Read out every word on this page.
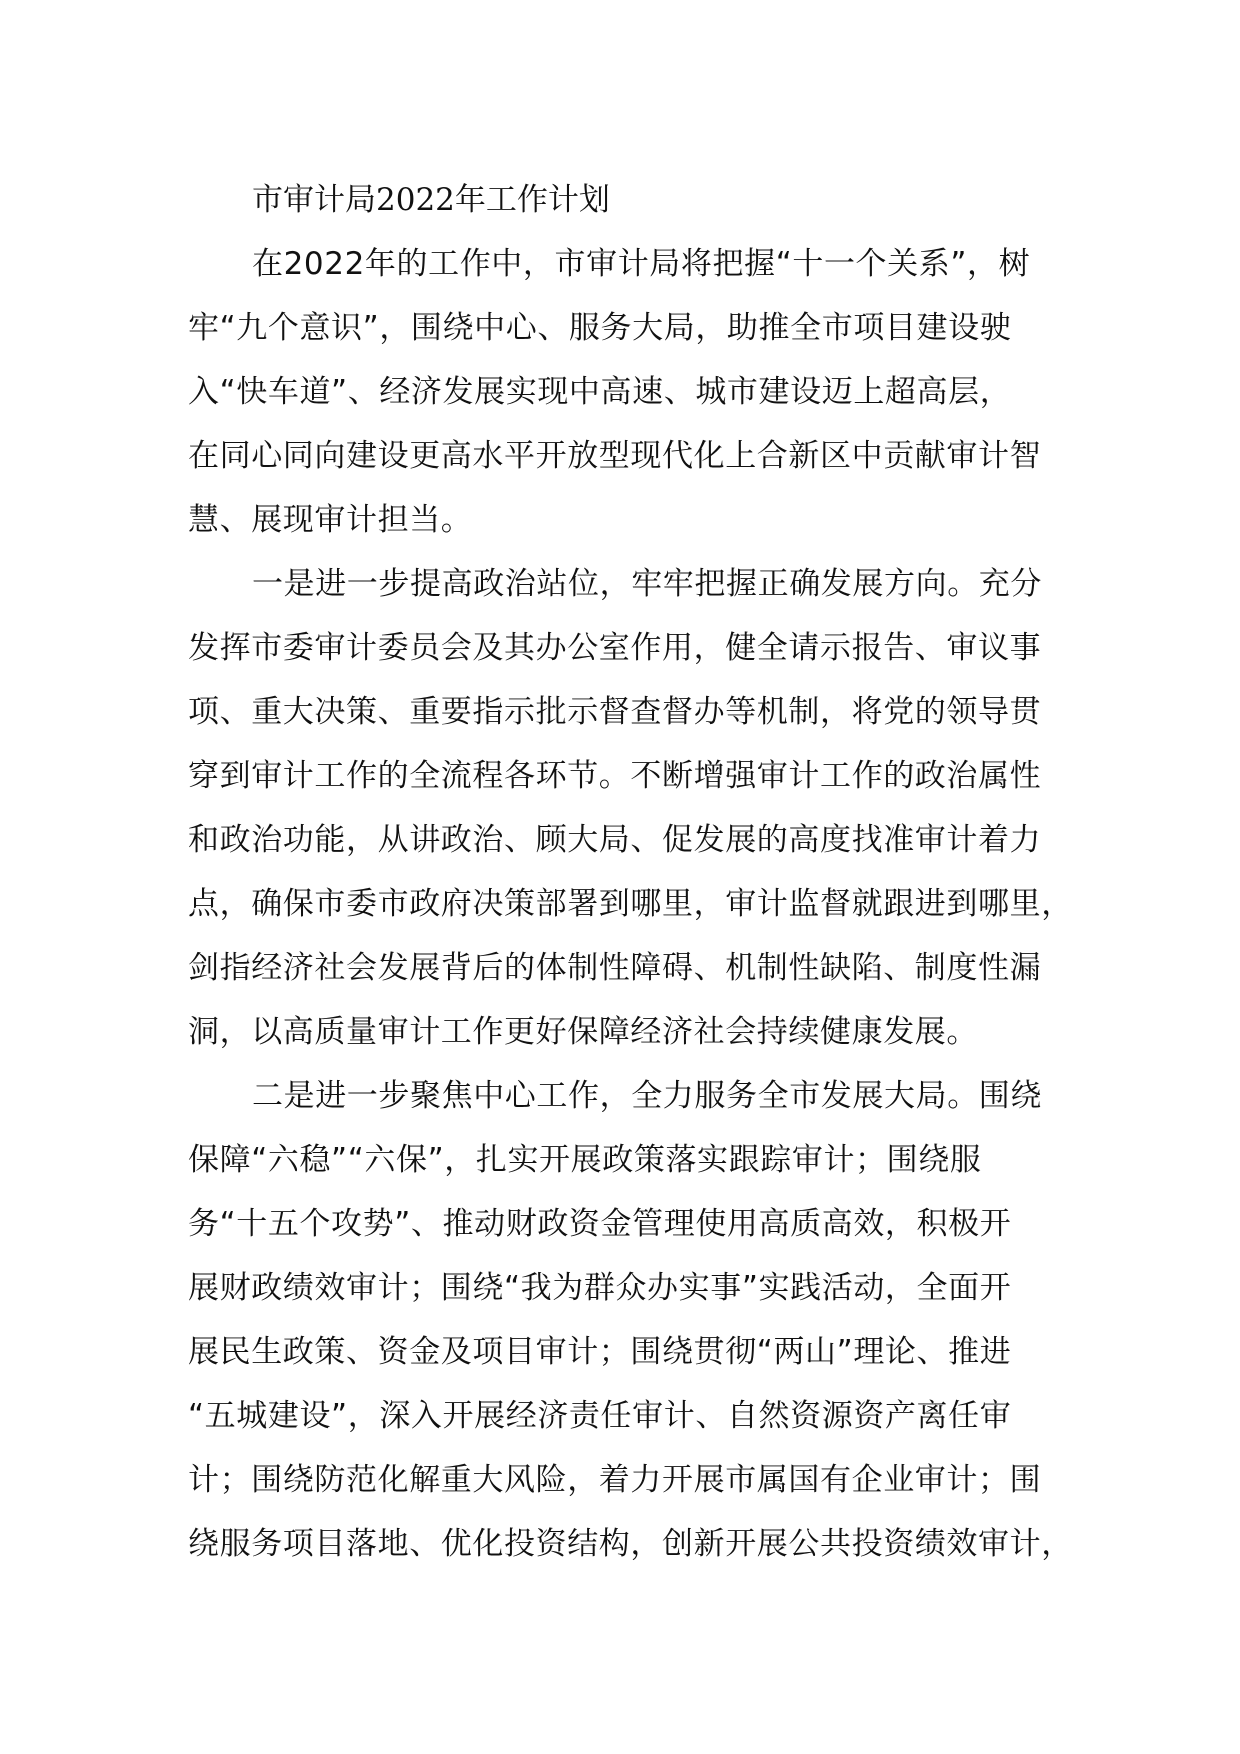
市审计局2022年工作计划
在2022年的工作中，市审计局将把握“十一个关系”，树
牢“九个意识”，围绕中心、服务大局，助推全市项目建设驶
入“快车道”、经济发展实现中高速、城市建设迈上超高层，
在同心同向建设更高水平开放型现代化上合新区中贡献审计智
慧、展现审计担当。
一是进一步提高政治站位，牢牢把握正确发展方向。充分
发挥市委审计委员会及其办公室作用，健全请示报告、审议事
项、重大决策、重要指示批示督查督办等机制，将党的领导贯
穿到审计工作的全流程各环节。不断增强审计工作的政治属性
和政治功能，从讲政治、顾大局、促发展的高度找准审计着力
点，确保市委市政府决策部署到哪里，审计监督就跟进到哪里，
剑指经济社会发展背后的体制性障碍、机制性缺陷、制度性漏
洞，以高质量审计工作更好保障经济社会持续健康发展。
二是进一步聚焦中心工作，全力服务全市发展大局。围绕
保障“六稳”“六保”，扎实开展政策落实跟踪审计；围绕服
务“十五个攻势”、推动财政资金管理使用高质高效，积极开
展财政绩效审计；围绕“我为群众办实事”实践活动，全面开
展民生政策、资金及项目审计；围绕贯彻“两山”理论、推进
“五城建设”，深入开展经济责任审计、自然资源资产离任审
计；围绕防范化解重大风险，着力开展市属国有企业审计；围
绕服务项目落地、优化投资结构，创新开展公共投资绩效审计，
